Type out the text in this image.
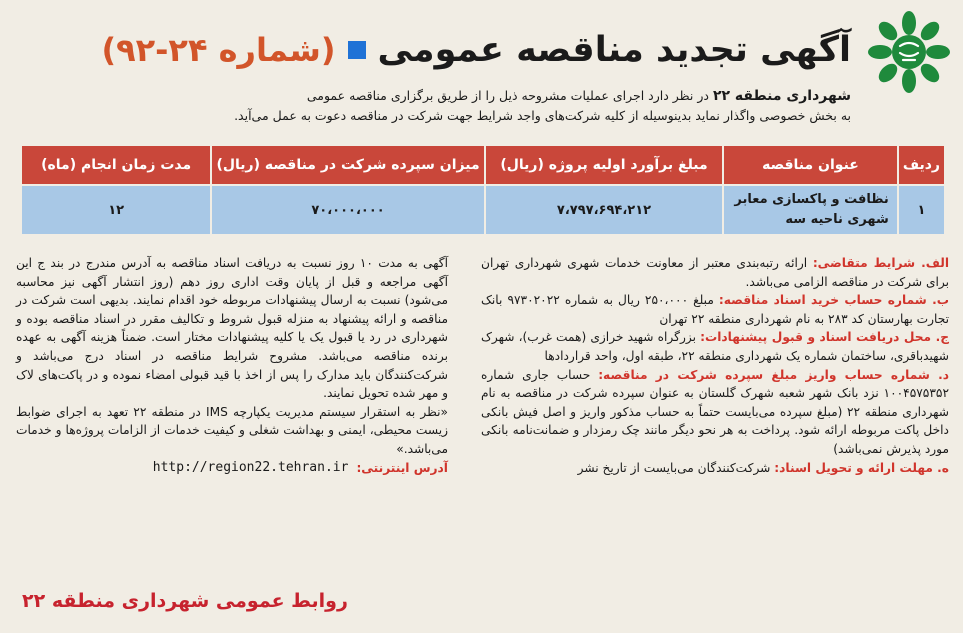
آگهی تجدید مناقصه عمومی
(شماره ۲۴-۹۲)
شهرداری منطقه ۲۲ در نظر دارد اجرای عملیات مشروحه ذیل را از طریق برگزاری مناقصه عمومی
به بخش خصوصی واگذار نماید بدینوسیله از کلیه شرکت‌های واجد شرایط جهت شرکت در مناقصه دعوت به عمل می‌آید.
ردیف	عنوان مناقصه	مبلغ برآورد اولیه پروژه (ریال)	میزان سپرده شرکت در مناقصه (ریال)	مدت زمان انجام (ماه)
۱	نظافت و پاکسازی معابر شهری ناحیه سه	۷،۷۹۷،۶۹۴،۲۱۲	۷۰،۰۰۰،۰۰۰	۱۲
الف. شرایط متقاضی: ارائه رتبه‌بندی معتبر از معاونت خدمات شهری شهرداری تهران برای شرکت در مناقصه الزامی می‌باشد.
ب. شماره حساب خرید اسناد مناقصه: مبلغ ۲۵۰،۰۰۰ ریال به شماره ۹۷۳۰۲۰۲۲ بانک تجارت بهارستان کد ۲۸۳ به نام شهرداری منطقه ۲۲ تهران
ج. محل دریافت اسناد و قبول پیشنهادات: بزرگراه شهید خرازی (همت غرب)، شهرک شهیدباقری، ساختمان شماره یک شهرداری منطقه ۲۲، طبقه اول، واحد قراردادها
د. شماره حساب واریز مبلغ سپرده شرکت در مناقصه: حساب جاری شماره ۱۰۰۴۵۷۵۳۵۲ نزد بانک شهر شعبه شهرک گلستان به عنوان سپرده شرکت در مناقصه به نام شهرداری منطقه ۲۲ (مبلغ سپرده می‌بایست حتماً به حساب مذکور واریز و اصل فیش بانکی داخل پاکت مربوطه ارائه شود. پرداخت به هر نحو دیگر مانند چک رمزدار و ضمانت‌نامه بانکی مورد پذیرش نمی‌باشد)
ه. مهلت ارائه و تحویل اسناد: شرکت‌کنندگان می‌بایست از تاریخ نشر
آگهی به مدت ۱۰ روز نسبت به دریافت اسناد مناقصه به آدرس مندرج در بند ج این آگهی مراجعه و قبل از پایان وقت اداری روز دهم (روز انتشار آگهی نیز محاسبه می‌شود) نسبت به ارسال پیشنهادات مربوطه خود اقدام نمایند. بدیهی است شرکت در مناقصه و ارائه پیشنهاد به منزله قبول شروط و تکالیف مقرر در اسناد مناقصه بوده و شهرداری در رد یا قبول یک یا کلیه پیشنهادات مختار است. ضمناً هزینه آگهی به عهده برنده مناقصه می‌باشد. مشروح شرایط مناقصه در اسناد درج می‌باشد و شرکت‌کنندگان باید مدارک را پس از اخذ با قید قبولی امضاء نموده و در پاکت‌های لاک و مهر شده تحویل نمایند.
«نظر به استقرار سیستم مدیریت یکپارچه IMS در منطقه ۲۲ تعهد به اجرای ضوابط زیست محیطی، ایمنی و بهداشت شغلی و کیفیت خدمات از الزامات پروژه‌ها و خدمات می‌باشد.»
آدرس اینترنتی:
http://region22.tehran.ir
روابط عمومی شهرداری منطقه ۲۲
